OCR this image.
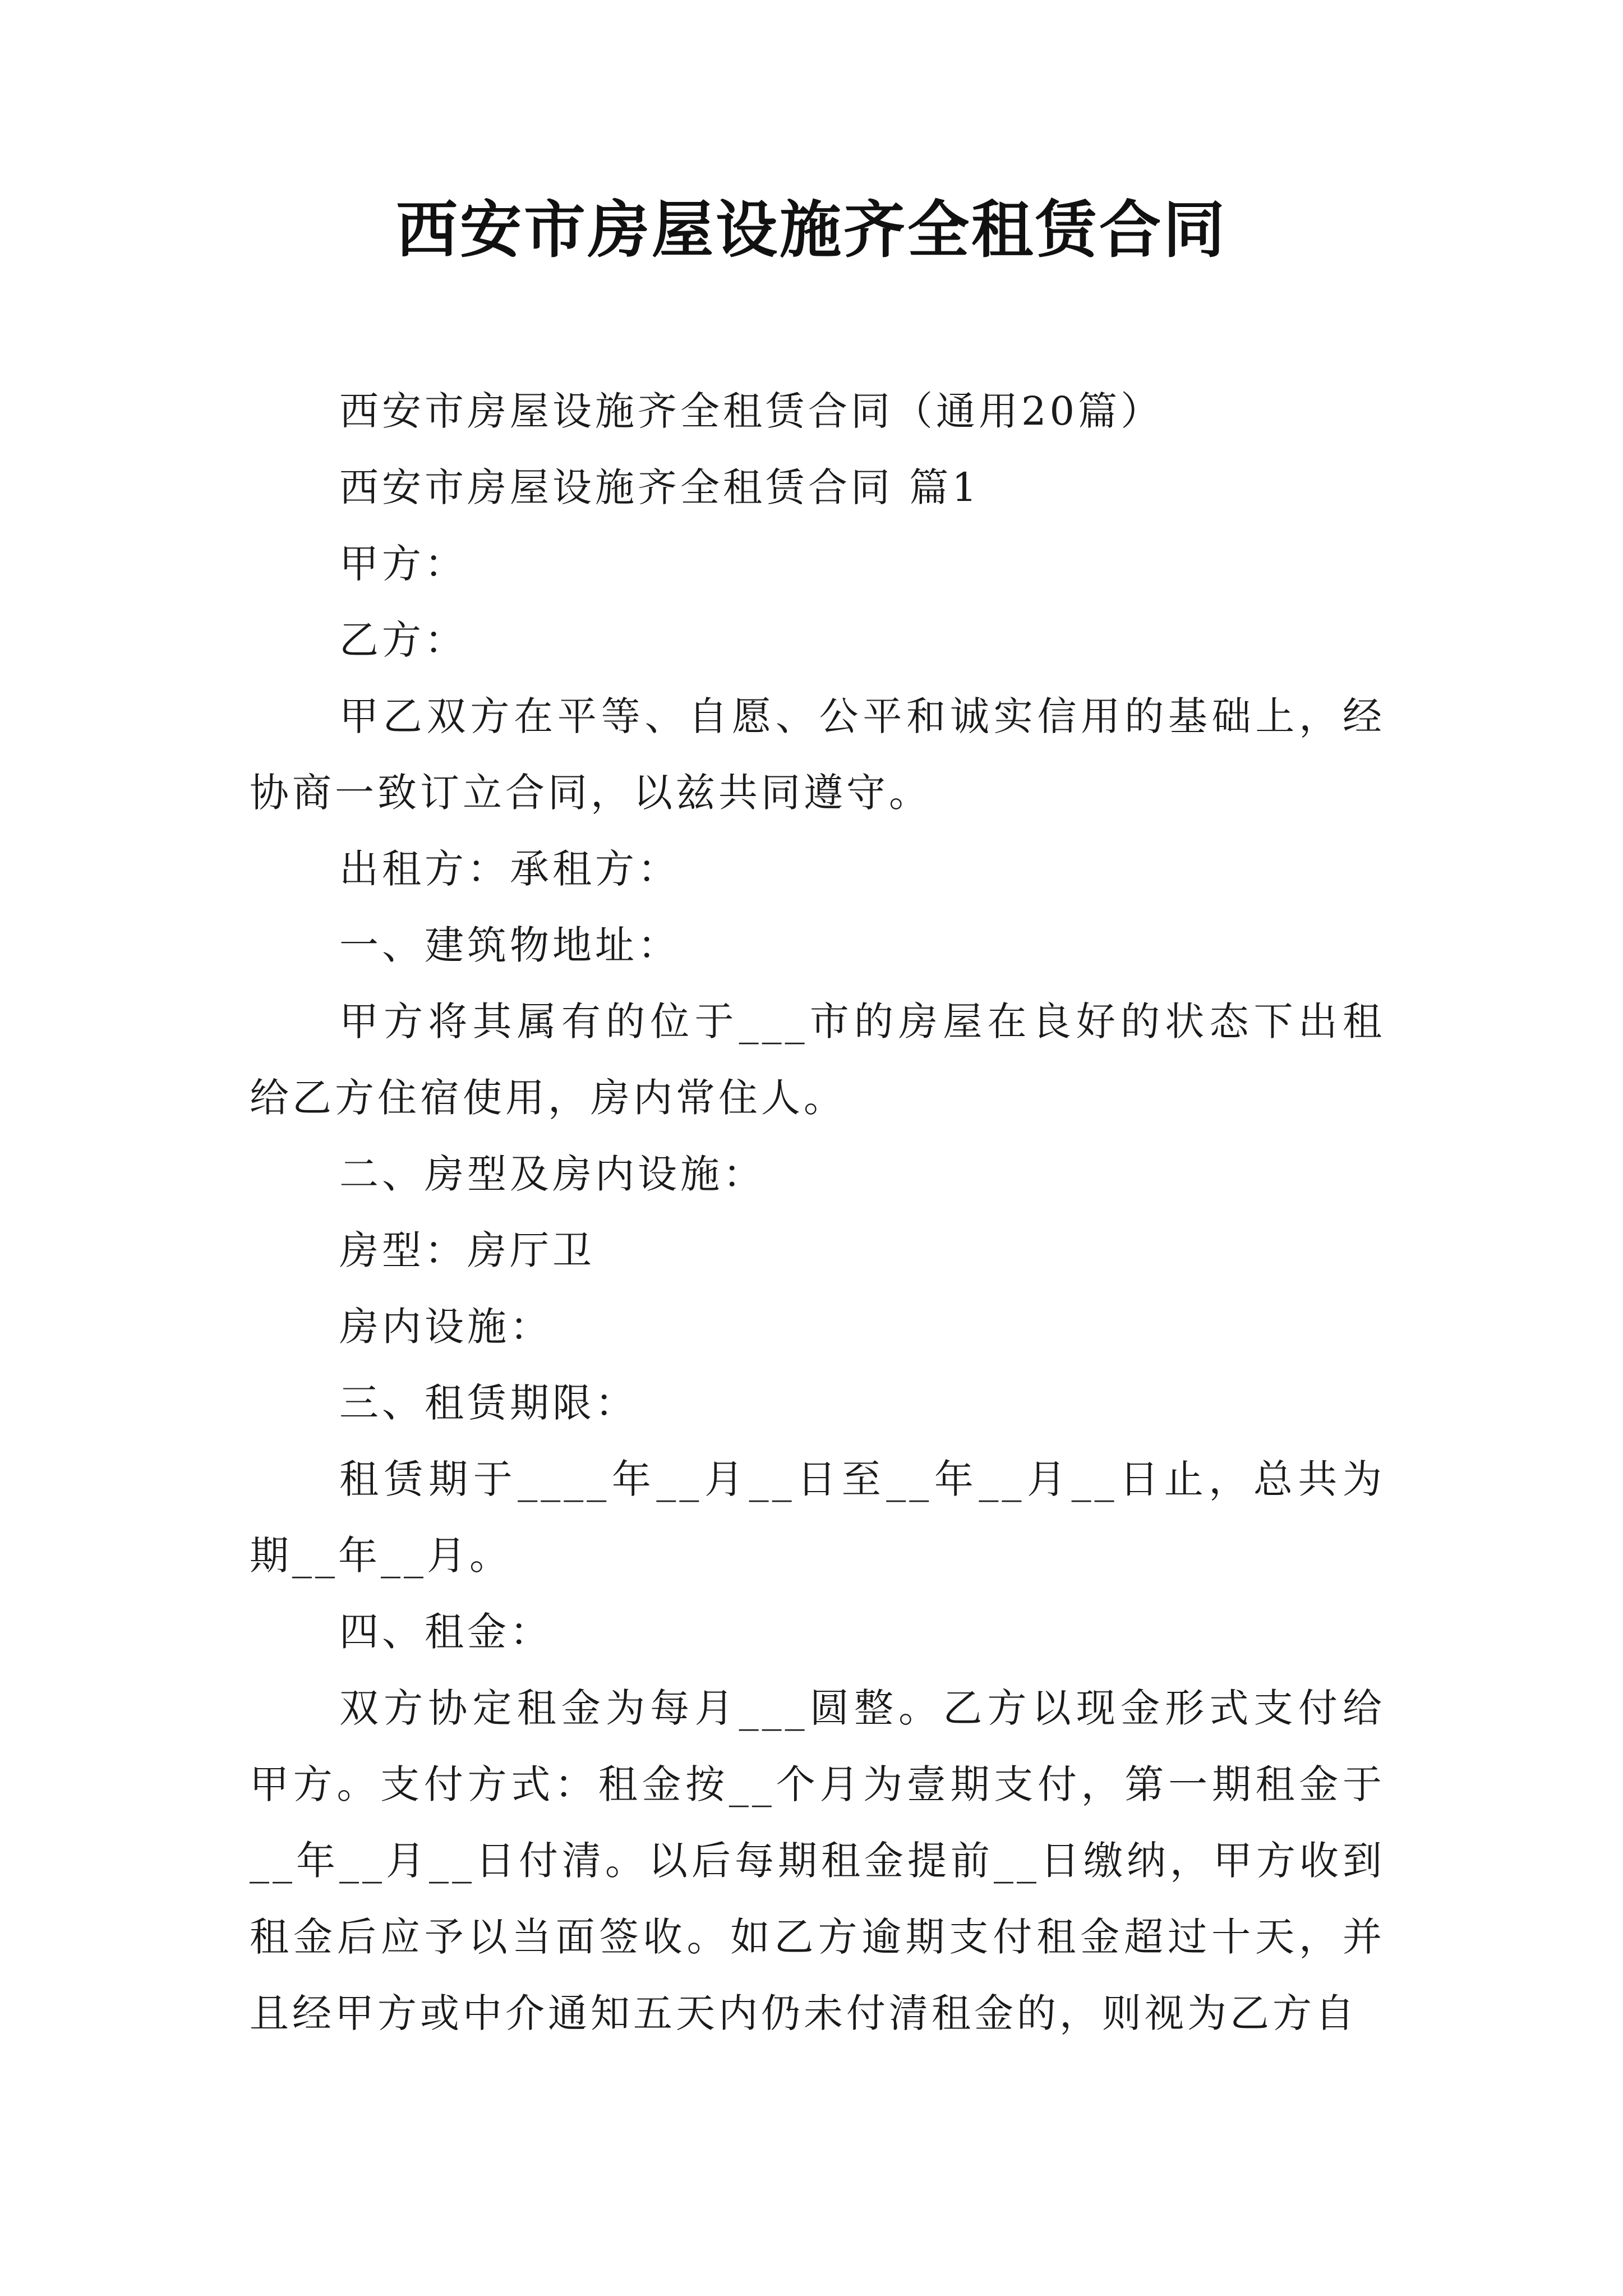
西安市房屋设施齐全租赁合同

西安市房屋设施齐全租赁合同（通用20篇）

西安市房屋设施齐全租赁合同 篇1

甲方：

乙方：

甲乙双方在平等、自愿、公平和诚实信用的基础上，经协商一致订立合同，以兹共同遵守。

出租方：承租方：

一、建筑物地址：

甲方将其属有的位于___市的房屋在良好的状态下出租给乙方住宿使用，房内常住人。

二、房型及房内设施：

房型：房厅卫

房内设施：

三、租赁期限：

租赁期于____年__月__日至__年__月__日止，总共为期__年__月。

四、租金：

双方协定租金为每月___圆整。乙方以现金形式支付给甲方。支付方式：租金按__个月为壹期支付，第一期租金于__年__月__日付清。以后每期租金提前__日缴纳，甲方收到租金后应予以当面签收。如乙方逾期支付租金超过十天，并且经甲方或中介通知五天内仍未付清租金的，则视为乙方自
